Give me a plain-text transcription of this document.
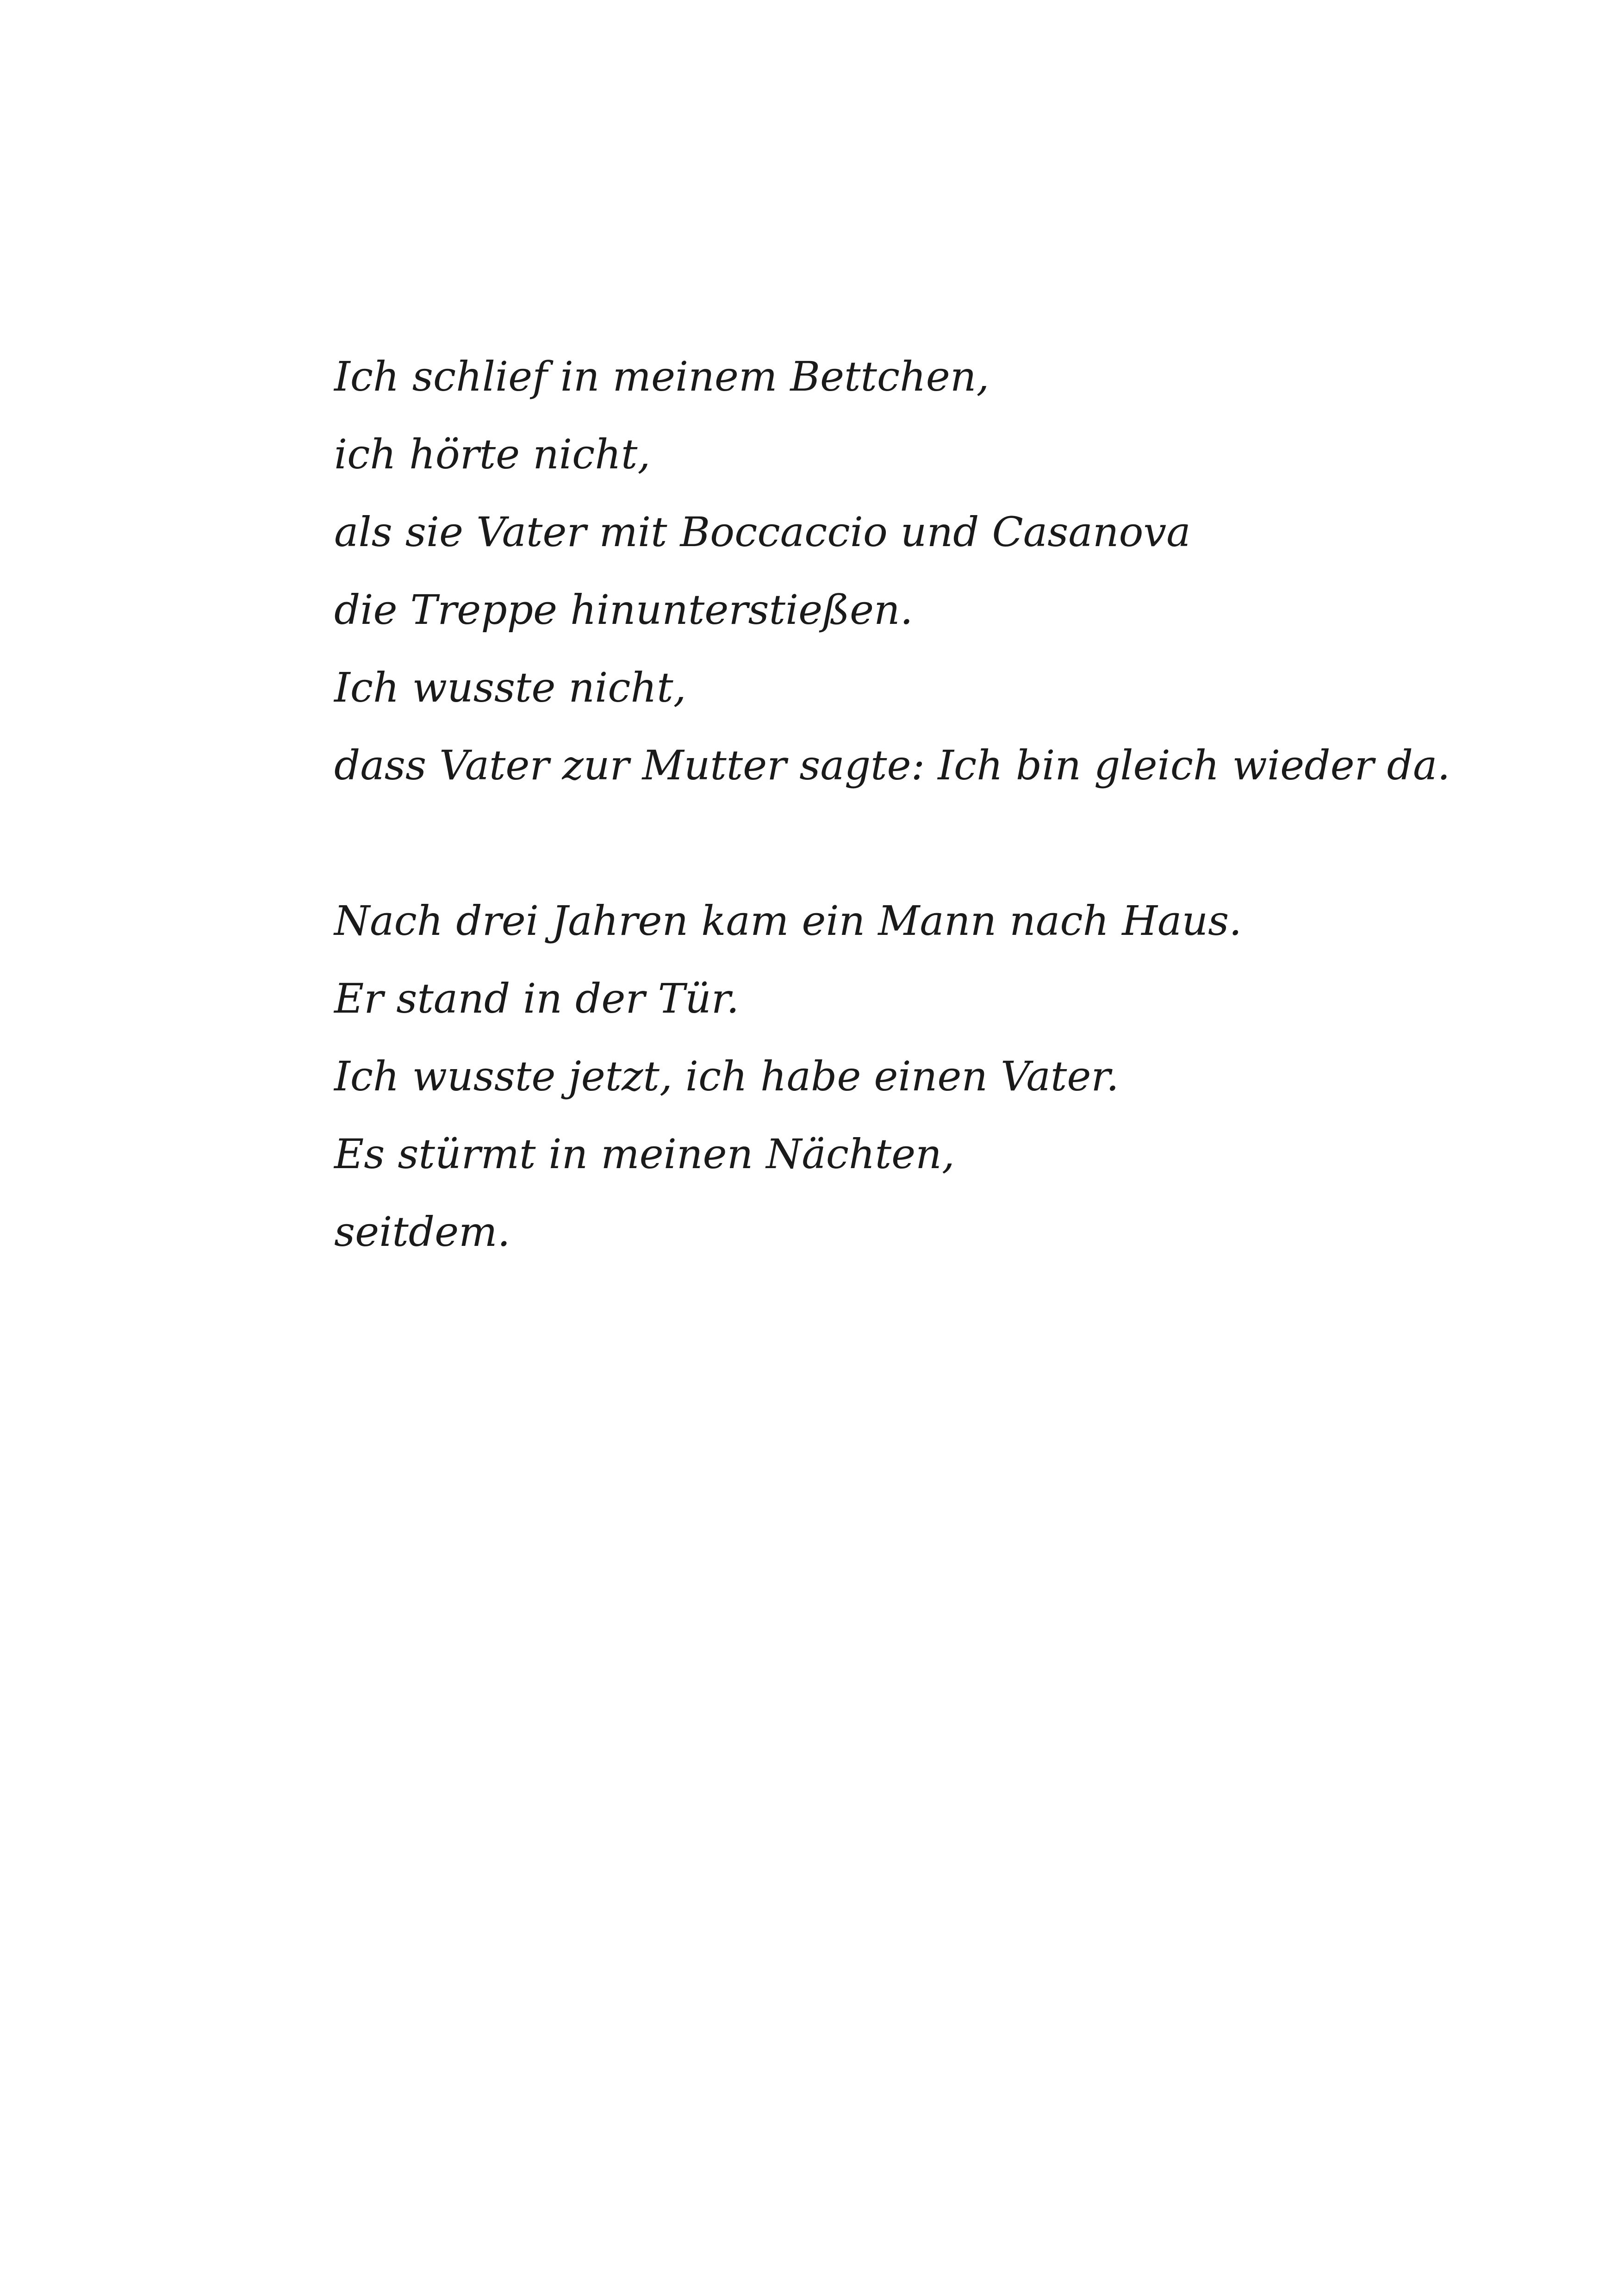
Ich schlief in meinem Bettchen,
ich hörte nicht,
als sie Vater mit Boccaccio und Casanova
die Treppe hinunterstießen.
Ich wusste nicht,
dass Vater zur Mutter sagte: Ich bin gleich wieder da.
Nach drei Jahren kam ein Mann nach Haus.
Er stand in der Tür.
Ich wusste jetzt, ich habe einen Vater.
Es stürmt in meinen Nächten,
seitdem.
